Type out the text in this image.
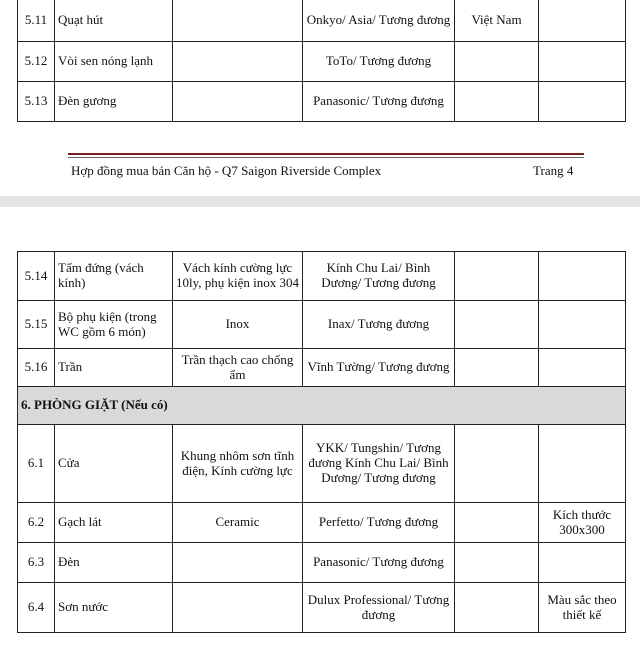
5.11	Quạt hút		Onkyo/ Asia/ Tương đương	Việt Nam	
5.12	Vòi sen nóng lạnh		ToTo/ Tương đương		
5.13	Đèn gương		Panasonic/ Tương đương		
Hợp đồng mua bán Căn hộ - Q7 Saigon Riverside Complex	Trang 4
5.14	Tấm đứng (vách kính)	Vách kính cường lực 10ly, phụ kiện inox 304	Kính Chu Lai/ Bình Dương/ Tương đương		
5.15	Bộ phụ kiện (trong WC gồm 6 món)	Inox	Inax/ Tương đương		
5.16	Trần	Trần thạch cao chống ẩm	Vĩnh Tường/ Tương đương		
6. PHÒNG GIẶT (Nếu có)					
6.1	Cửa	Khung nhôm sơn tĩnh điện, Kính cường lực	YKK/ Tungshin/ Tương đương Kính Chu Lai/ Bình Dương/ Tương đương		
6.2	Gạch lát	Ceramic	Perfetto/ Tương đương		Kích thước 300x300
6.3	Đèn		Panasonic/ Tương đương		
6.4	Sơn nước		Dulux Professional/ Tương đương		Màu sắc theo thiết kế
